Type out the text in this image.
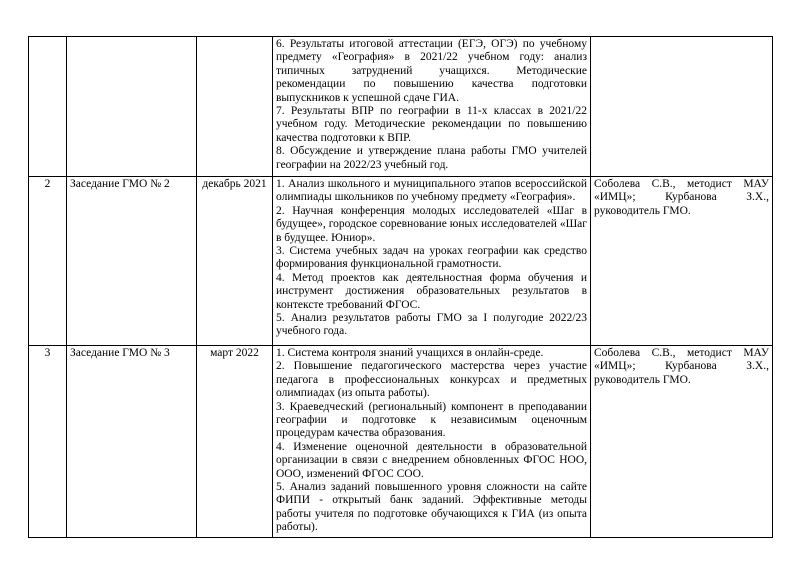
			6. Результаты итоговой аттестации (ЕГЭ, ОГЭ) по учебному предмету «География» в 2021/22 учебном году: анализ типичных затруднений учащихся. Методические рекомендации по повышению качества подготовки выпускников к успешной сдаче ГИА.

7. Результаты ВПР по географии в 11-х классах в 2021/22 учебном году. Методические рекомендации по повышению качества подготовки к ВПР.

8. Обсуждение и утверждение плана работы ГМО учителей географии на 2022/23 учебный год.	

2	Заседание ГМО № 2	декабрь 2021	1. Анализ школьного и муниципального этапов всероссийской олимпиады школьников по учебному предмету «География».

2. Научная конференция молодых исследователей «Шаг в будущее», городское соревнование юных исследователей «Шаг в будущее. Юниор».

3. Система учебных задач на уроках географии как средство формирования функциональной грамотности.

4. Метод проектов как деятельностная форма обучения и инструмент достижения образовательных результатов в контексте требований ФГОС.

5. Анализ результатов работы ГМО за I полугодие 2022/23 учебного года.	Соболева С.В., методист МАУ «ИМЦ»; Курбанова З.Х., руководитель ГМО.
3	Заседание ГМО № 3	март 2022	1. Система контроля знаний учащихся в онлайн-среде.

2. Повышение педагогического мастерства через участие педагога в профессиональных конкурсах и предметных олимпиадах (из опыта работы).

3. Краеведческий (региональный) компонент в преподавании географии и подготовке к независимым оценочным процедурам качества образования.

4. Изменение оценочной деятельности в образовательной организации в связи с внедрением обновленных ФГОС НОО, ООО, изменений ФГОС СОО.

5. Анализ заданий повышенного уровня сложности на сайте ФИПИ - открытый банк заданий. Эффективные методы работы учителя по подготовке обучающихся к ГИА (из опыта работы).	Соболева С.В., методист МАУ «ИМЦ»; Курбанова З.Х., руководитель ГМО.
